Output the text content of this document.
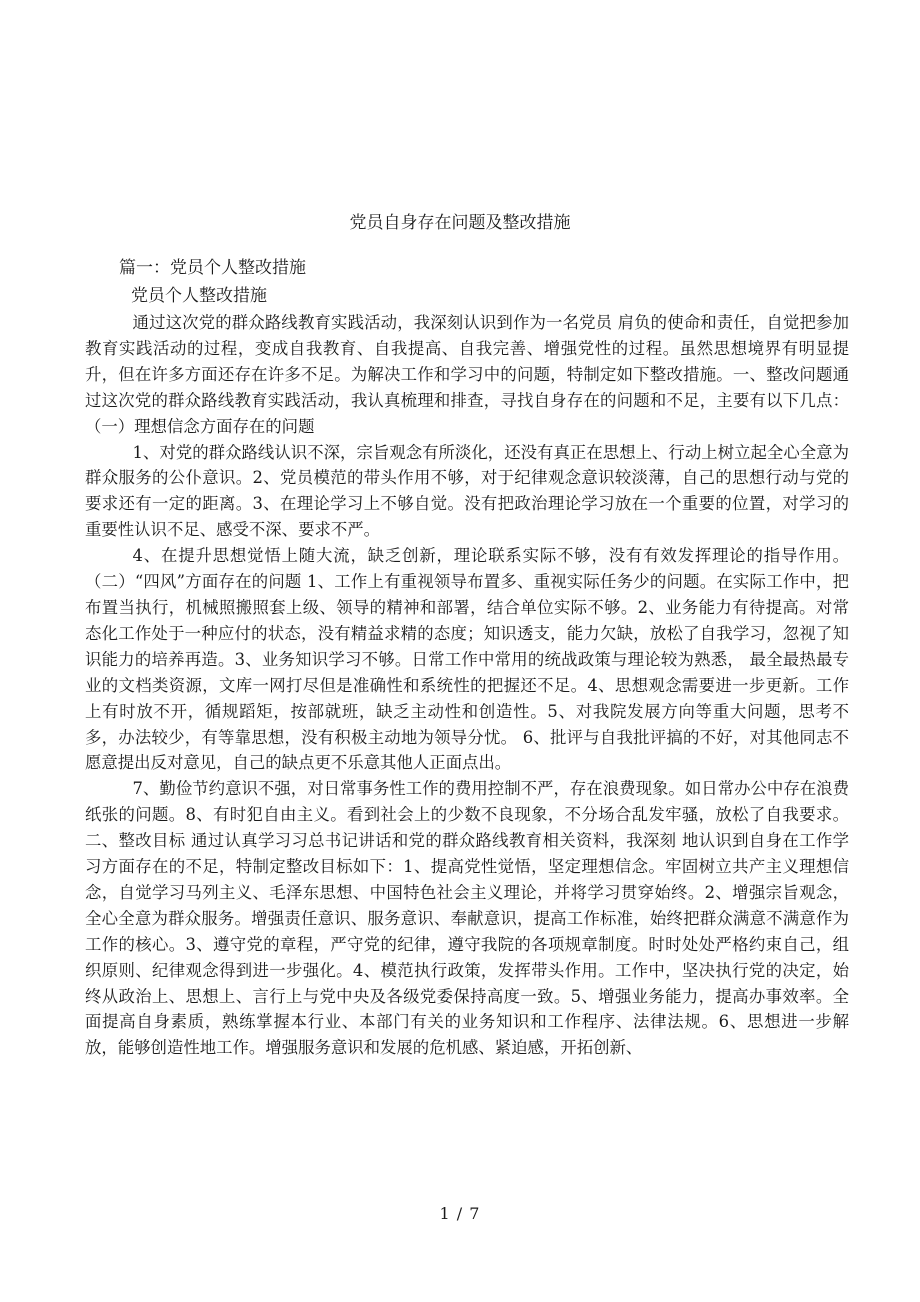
党员自身存在问题及整改措施
篇一：党员个人整改措施
党员个人整改措施

通过这次党的群众路线教育实践活动，我深刻认识到作为一名党员 肩负的使命和责任，自觉把参加教育实践活动的过程，变成自我教育、自我提高、自我完善、增强党性的过程。虽然思想境界有明显提升，但在许多方面还存在许多不足。为解决工作和学习中的问题，特制定如下整改措施。一、整改问题通过这次党的群众路线教育实践活动，我认真梳理和排查，寻找自身存在的问题和不足，主要有以下几点：（一）理想信念方面存在的问题

1、对党的群众路线认识不深，宗旨观念有所淡化，还没有真正在思想上、行动上树立起全心全意为群众服务的公仆意识。2、党员模范的带头作用不够，对于纪律观念意识较淡薄，自己的思想行动与党的要求还有一定的距离。3、在理论学习上不够自觉。没有把政治理论学习放在一个重要的位置，对学习的重要性认识不足、感受不深、要求不严。

4、在提升思想觉悟上随大流，缺乏创新，理论联系实际不够，没有有效发挥理论的指导作用。（二）“四风”方面存在的问题 1、工作上有重视领导布置多、重视实际任务少的问题。在实际工作中，把布置当执行，机械照搬照套上级、领导的精神和部署，结合单位实际不够。2、业务能力有待提高。对常态化工作处于一种应付的状态，没有精益求精的态度；知识透支，能力欠缺，放松了自我学习，忽视了知识能力的培养再造。3、业务知识学习不够。日常工作中常用的统战政策与理论较为熟悉， 最全最热最专业的文档类资源，文库一网打尽但是准确性和系统性的把握还不足。4、思想观念需要进一步更新。工作上有时放不开，循规蹈矩，按部就班，缺乏主动性和创造性。5、对我院发展方向等重大问题，思考不多，办法较少，有等靠思想，没有积极主动地为领导分忧。 6、批评与自我批评搞的不好，对其他同志不愿意提出反对意见，自己的缺点更不乐意其他人正面点出。

7、勤俭节约意识不强，对日常事务性工作的费用控制不严，存在浪费现象。如日常办公中存在浪费纸张的问题。8、有时犯自由主义。看到社会上的少数不良现象，不分场合乱发牢骚，放松了自我要求。二、整改目标 通过认真学习习总书记讲话和党的群众路线教育相关资料，我深刻 地认识到自身在工作学习方面存在的不足，特制定整改目标如下：1、提高党性觉悟，坚定理想信念。牢固树立共产主义理想信念，自觉学习马列主义、毛泽东思想、中国特色社会主义理论，并将学习贯穿始终。2、增强宗旨观念，全心全意为群众服务。增强责任意识、服务意识、奉献意识，提高工作标准，始终把群众满意不满意作为工作的核心。3、遵守党的章程，严守党的纪律，遵守我院的各项规章制度。时时处处严格约束自己，组织原则、纪律观念得到进一步强化。4、模范执行政策，发挥带头作用。工作中，坚决执行党的决定，始终从政治上、思想上、言行上与党中央及各级党委保持高度一致。5、增强业务能力，提高办事效率。全面提高自身素质，熟练掌握本行业、本部门有关的业务知识和工作程序、法律法规。6、思想进一步解放，能够创造性地工作。增强服务意识和发展的危机感、紧迫感，开拓创新、

1 / 7
